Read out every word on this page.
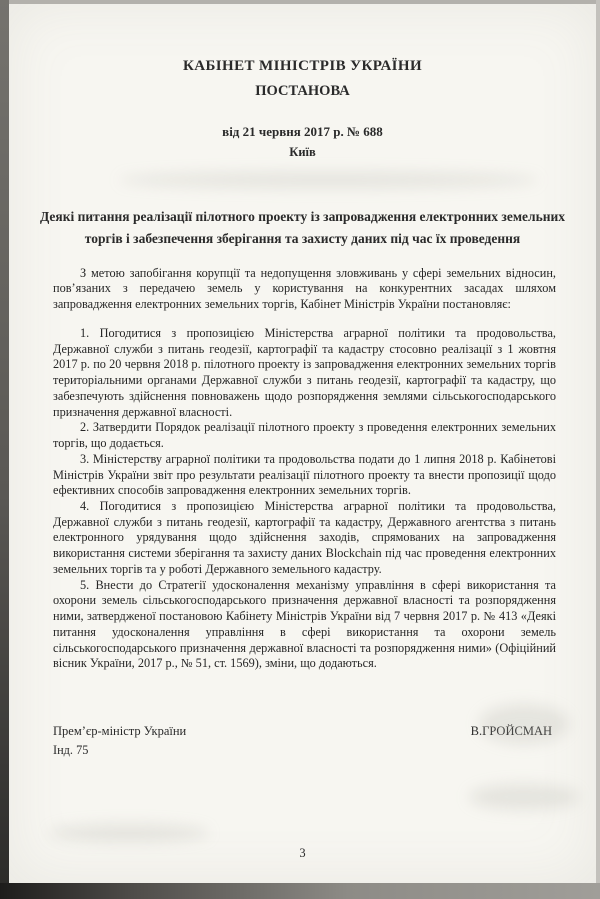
КАБІНЕТ МІНІСТРІВ УКРАЇНИ
ПОСТАНОВА
від 21 червня 2017 р. № 688
Київ
Деякі питання реалізації пілотного проекту із запровадження електронних земельних торгів і забезпечення зберігання та захисту даних під час їх проведення

З метою запобігання корупції та недопущення зловживань у сфері земельних відносин, пов’язаних з передачею земель у користування на конкурентних засадах шляхом запровадження електронних земельних торгів, Кабінет Міністрів України постановляє:

1. Погодитися з пропозицією Міністерства аграрної політики та продовольства, Державної служби з питань геодезії, картографії та кадастру стосовно реалізації з 1 жовтня 2017 р. по 20 червня 2018 р. пілотного проекту із запровадження електронних земельних торгів територіальними органами Державної служби з питань геодезії, картографії та кадастру, що забезпечують здійснення повноважень щодо розпорядження землями сільськогосподарського призначення державної власності.

2. Затвердити Порядок реалізації пілотного проекту з проведення електронних земельних торгів, що додається.

3. Міністерству аграрної політики та продовольства подати до 1 липня 2018 р. Кабінетові Міністрів України звіт про результати реалізації пілотного проекту та внести пропозиції щодо ефективних способів запровадження електронних земельних торгів.

4. Погодитися з пропозицією Міністерства аграрної політики та продовольства, Державної служби з питань геодезії, картографії та кадастру, Державного агентства з питань електронного урядування щодо здійснення заходів, спрямованих на запровадження використання системи зберігання та захисту даних Blockchain під час проведення електронних земельних торгів та у роботі Державного земельного кадастру.

5. Внести до Стратегії удосконалення механізму управління в сфері використання та охорони земель сільськогосподарського призначення державної власності та розпорядження ними, затвердженої постановою Кабінету Міністрів України від 7 червня 2017 р. № 413 «Деякі питання удосконалення управління в сфері використання та охорони земель сільськогосподарського призначення державної власності та розпорядження ними» (Офіційний вісник України, 2017 р., № 51, ст. 1569), зміни, що додаються.

Прем’єр-міністр України	В.ГРОЙСМАН
Інд. 75
3
